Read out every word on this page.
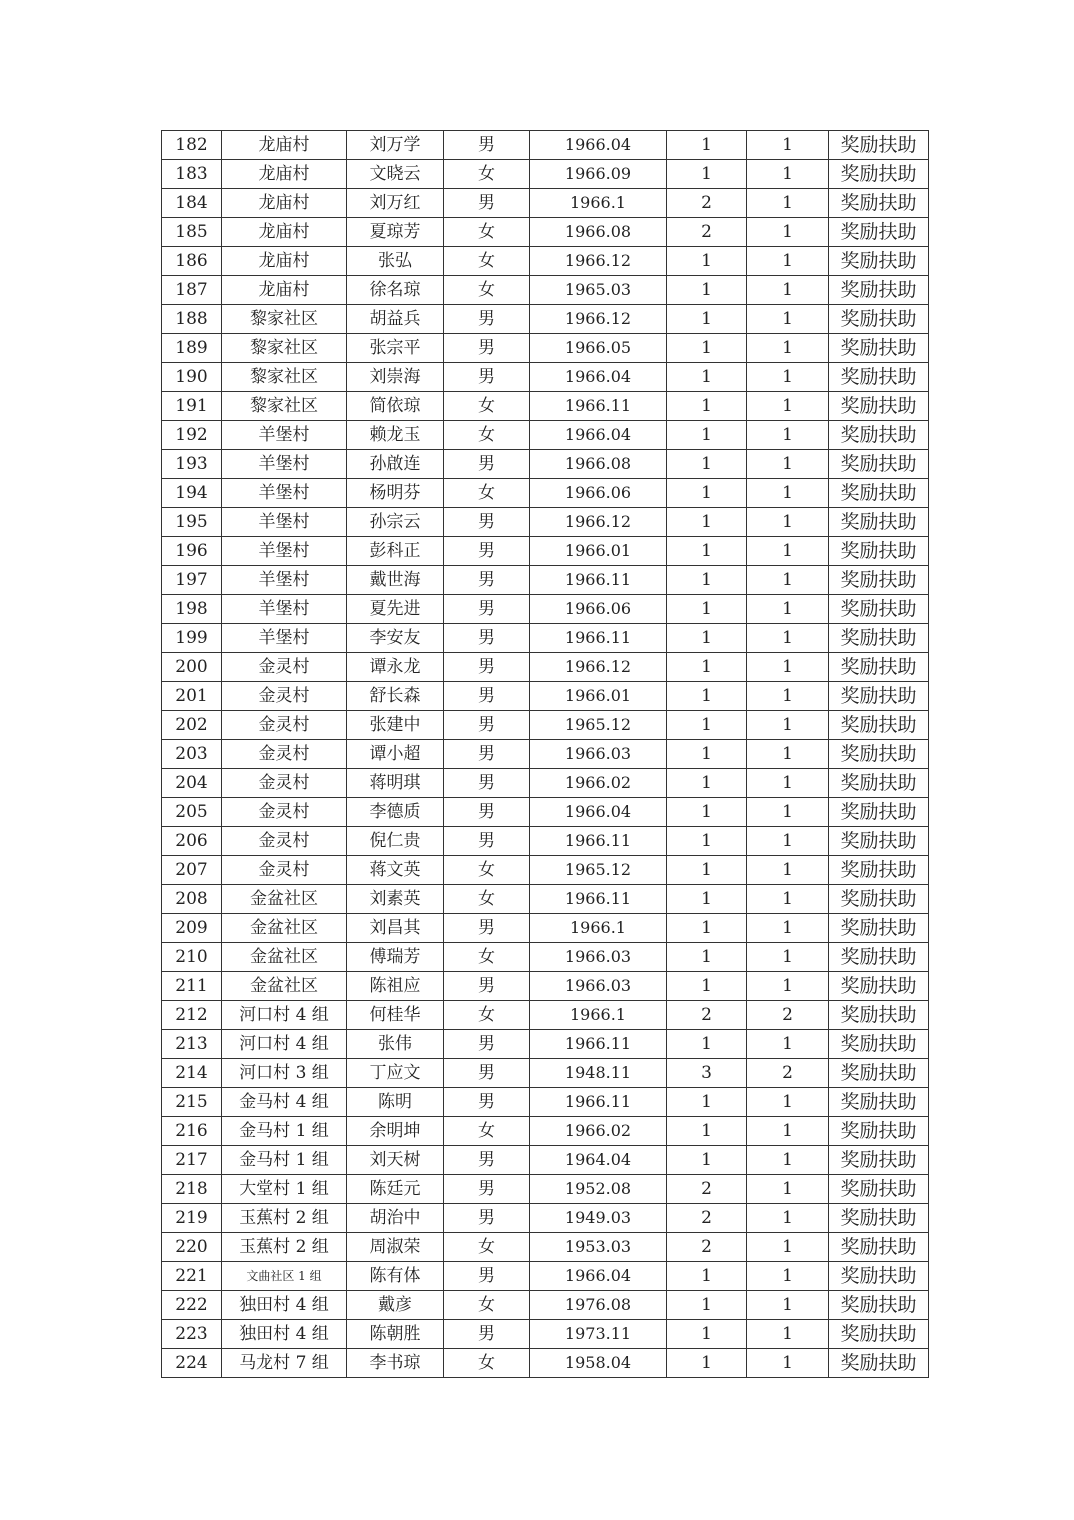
182	龙庙村	刘万学	男	1966.04	1	1	奖励扶助
183	龙庙村	文晓云	女	1966.09	1	1	奖励扶助
184	龙庙村	刘万红	男	1966.1	2	1	奖励扶助
185	龙庙村	夏琼芳	女	1966.08	2	1	奖励扶助
186	龙庙村	张弘	女	1966.12	1	1	奖励扶助
187	龙庙村	徐名琼	女	1965.03	1	1	奖励扶助
188	黎家社区	胡益兵	男	1966.12	1	1	奖励扶助
189	黎家社区	张宗平	男	1966.05	1	1	奖励扶助
190	黎家社区	刘崇海	男	1966.04	1	1	奖励扶助
191	黎家社区	简依琼	女	1966.11	1	1	奖励扶助
192	羊堡村	赖龙玉	女	1966.04	1	1	奖励扶助
193	羊堡村	孙啟连	男	1966.08	1	1	奖励扶助
194	羊堡村	杨明芬	女	1966.06	1	1	奖励扶助
195	羊堡村	孙宗云	男	1966.12	1	1	奖励扶助
196	羊堡村	彭科正	男	1966.01	1	1	奖励扶助
197	羊堡村	戴世海	男	1966.11	1	1	奖励扶助
198	羊堡村	夏先进	男	1966.06	1	1	奖励扶助
199	羊堡村	李安友	男	1966.11	1	1	奖励扶助
200	金灵村	谭永龙	男	1966.12	1	1	奖励扶助
201	金灵村	舒长森	男	1966.01	1	1	奖励扶助
202	金灵村	张建中	男	1965.12	1	1	奖励扶助
203	金灵村	谭小超	男	1966.03	1	1	奖励扶助
204	金灵村	蒋明琪	男	1966.02	1	1	奖励扶助
205	金灵村	李德质	男	1966.04	1	1	奖励扶助
206	金灵村	倪仁贵	男	1966.11	1	1	奖励扶助
207	金灵村	蒋文英	女	1965.12	1	1	奖励扶助
208	金盆社区	刘素英	女	1966.11	1	1	奖励扶助
209	金盆社区	刘昌其	男	1966.1	1	1	奖励扶助
210	金盆社区	傅瑞芳	女	1966.03	1	1	奖励扶助
211	金盆社区	陈祖应	男	1966.03	1	1	奖励扶助
212	河口村 4 组	何桂华	女	1966.1	2	2	奖励扶助
213	河口村 4 组	张伟	男	1966.11	1	1	奖励扶助
214	河口村 3 组	丁应文	男	1948.11	3	2	奖励扶助
215	金马村 4 组	陈明	男	1966.11	1	1	奖励扶助
216	金马村 1 组	余明坤	女	1966.02	1	1	奖励扶助
217	金马村 1 组	刘天树	男	1964.04	1	1	奖励扶助
218	大堂村 1 组	陈廷元	男	1952.08	2	1	奖励扶助
219	玉蕉村 2 组	胡治中	男	1949.03	2	1	奖励扶助
220	玉蕉村 2 组	周淑荣	女	1953.03	2	1	奖励扶助
221	文曲社区 1 组	陈有体	男	1966.04	1	1	奖励扶助
222	独田村 4 组	戴彦	女	1976.08	1	1	奖励扶助
223	独田村 4 组	陈朝胜	男	1973.11	1	1	奖励扶助
224	马龙村 7 组	李书琼	女	1958.04	1	1	奖励扶助
